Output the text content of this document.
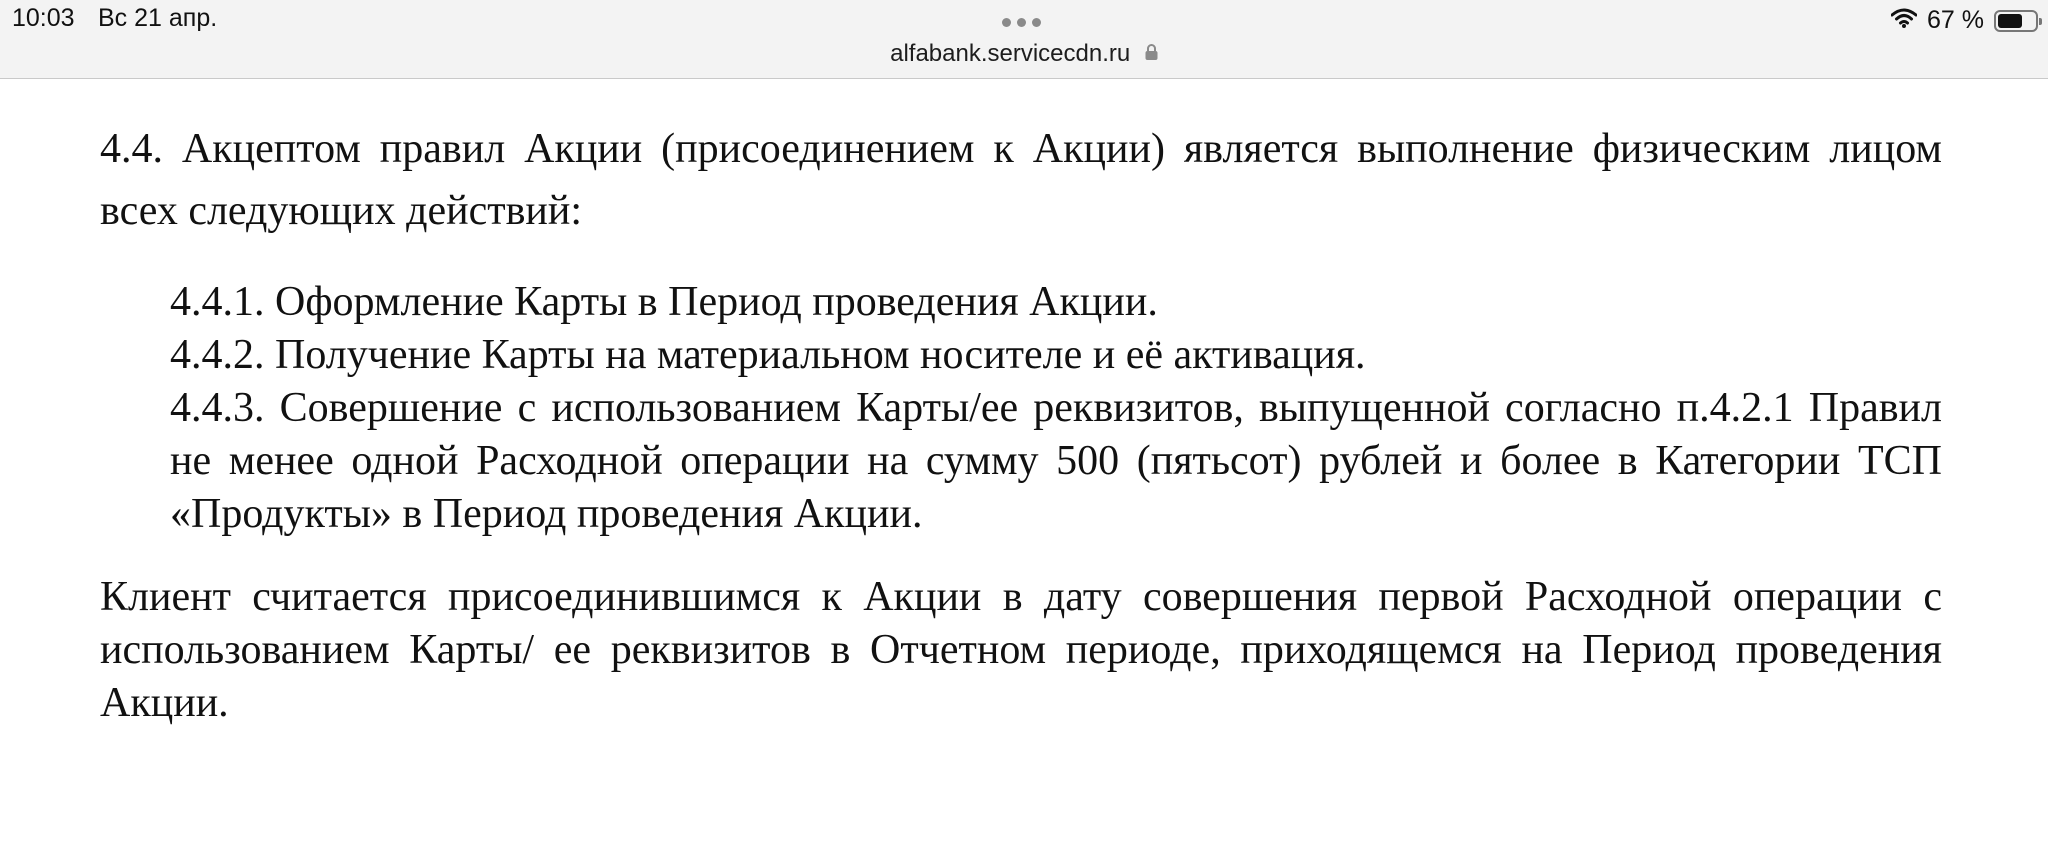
10:03 Вс 21 апр.
alfabank.servicecdn.ru
67 %

4.4. Акцептом правил Акции (присоединением к Акции) является выполнение физическим лицом всех следующих действий:

4.4.1. Оформление Карты в Период проведения Акции.

4.4.2. Получение Карты на материальном носителе и её активация.

4.4.3. Совершение с использованием Карты/ее реквизитов, выпущенной согласно п.4.2.1 Правил не менее одной Расходной операции на сумму 500 (пятьсот) рублей и более в Категории ТСП «Продукты» в Период проведения Акции.

Клиент считается присоединившимся к Акции в дату совершения первой Расходной операции с использованием Карты/ ее реквизитов в Отчетном периоде, приходящемся на Период проведения Акции.
